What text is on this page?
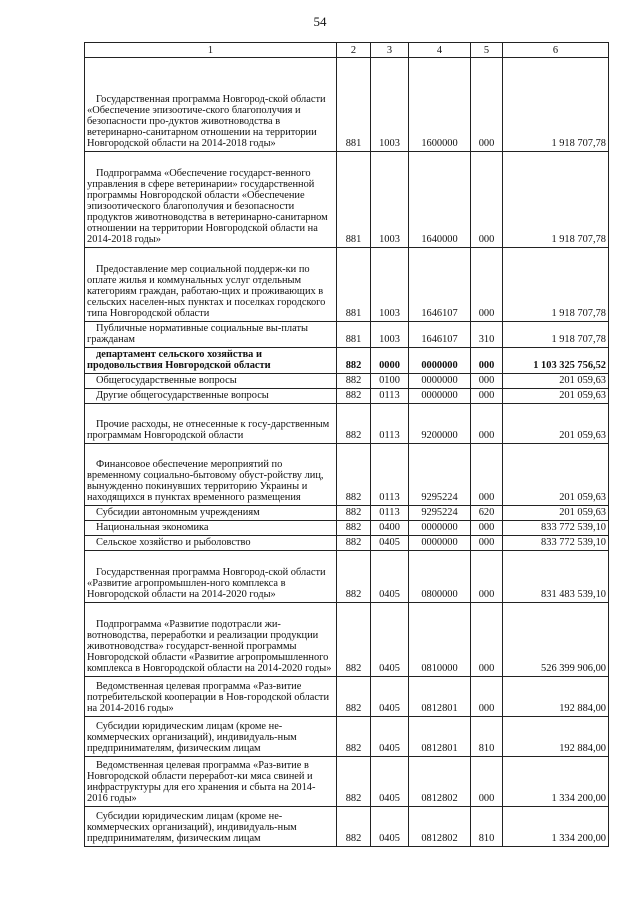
54
1	2	3	4	5	6
Государственная программа Новгород-ской области «Обеспечение эпизоотиче-ского благополучия и безопасности про-дуктов животноводства в ветеринарно-санитарном отношении на территории Новгородской области на 2014-2018 годы»	881	1003	1600000	000	1 918 707,78
Подпрограмма «Обеспечение государст-венного управления в сфере ветеринарии» государственной программы Новгородской области «Обеспечение эпизоотического благополучия и безопасности продуктов животноводства в ветеринарно-санитарном отношении на территории Новгородской области на 2014-2018 годы»	881	1003	1640000	000	1 918 707,78
Предоставление мер социальной поддерж-ки по оплате жилья и коммунальных услуг отдельным категориям граждан, работаю-щих и проживающих в сельских населен-ных пунктах и поселках городского типа Новгородской области	881	1003	1646107	000	1 918 707,78
Публичные нормативные социальные вы-платы гражданам	881	1003	1646107	310	1 918 707,78
департамент сельского хозяйства и продовольствия Новгородской области	882	0000	0000000	000	1 103 325 756,52
Общегосударственные вопросы	882	0100	0000000	000	201 059,63
Другие общегосударственные вопросы	882	0113	0000000	000	201 059,63
Прочие расходы, не отнесенные к госу-дарственным программам Новгородской области	882	0113	9200000	000	201 059,63
Финансовое обеспечение мероприятий по временному социально-бытовому обуст-ройству лиц, вынужденно покинувших территорию Украины и находящихся в пунктах временного размещения	882	0113	9295224	000	201 059,63
Субсидии автономным учреждениям	882	0113	9295224	620	201 059,63
Национальная экономика	882	0400	0000000	000	833 772 539,10
Сельское хозяйство и рыболовство	882	0405	0000000	000	833 772 539,10
Государственная программа Новгород-ской области «Развитие агропромышлен-ного комплекса в Новгородской области на 2014-2020 годы»	882	0405	0800000	000	831 483 539,10
Подпрограмма «Развитие подотрасли жи-вотноводства, переработки и реализации продукции животноводства» государст-венной программы Новгородской области «Развитие агропромышленного комплекса в Новгородской области на 2014-2020 годы»	882	0405	0810000	000	526 399 906,00
Ведомственная целевая программа «Раз-витие потребительской кооперации в Нов-городской области на 2014-2016 годы»	882	0405	0812801	000	192 884,00
Субсидии юридическим лицам (кроме не-коммерческих организаций), индивидуаль-ным предпринимателям, физическим лицам	882	0405	0812801	810	192 884,00
Ведомственная целевая программа «Раз-витие в Новгородской области переработ-ки мяса свиней и инфраструктуры для его хранения и сбыта на 2014-2016 годы»	882	0405	0812802	000	1 334 200,00
Субсидии юридическим лицам (кроме не-коммерческих организаций), индивидуаль-ным предпринимателям, физическим лицам	882	0405	0812802	810	1 334 200,00
